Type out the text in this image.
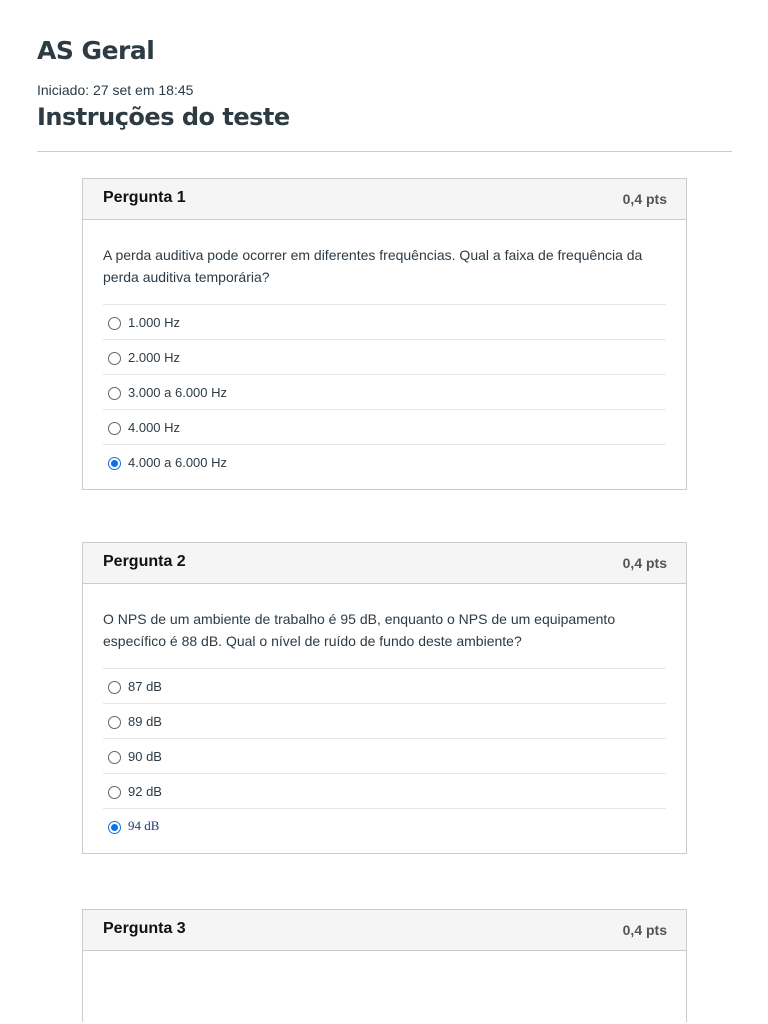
AS Geral
Iniciado: 27 set em 18:45
Instruções do teste
Pergunta 1	0,4 pts

A perda auditiva pode ocorrer em diferentes frequências. Qual a faixa de frequência da perda auditiva temporária?

1.000 Hz
2.000 Hz
3.000 a 6.000 Hz
4.000 Hz
4.000 a 6.000 Hz
Pergunta 2	0,4 pts

O NPS de um ambiente de trabalho é 95 dB, enquanto o NPS de um equipamento específico é 88 dB. Qual o nível de ruído de fundo deste ambiente?

87 dB
89 dB
90 dB
92 dB
94 dB
Pergunta 3	0,4 pts
